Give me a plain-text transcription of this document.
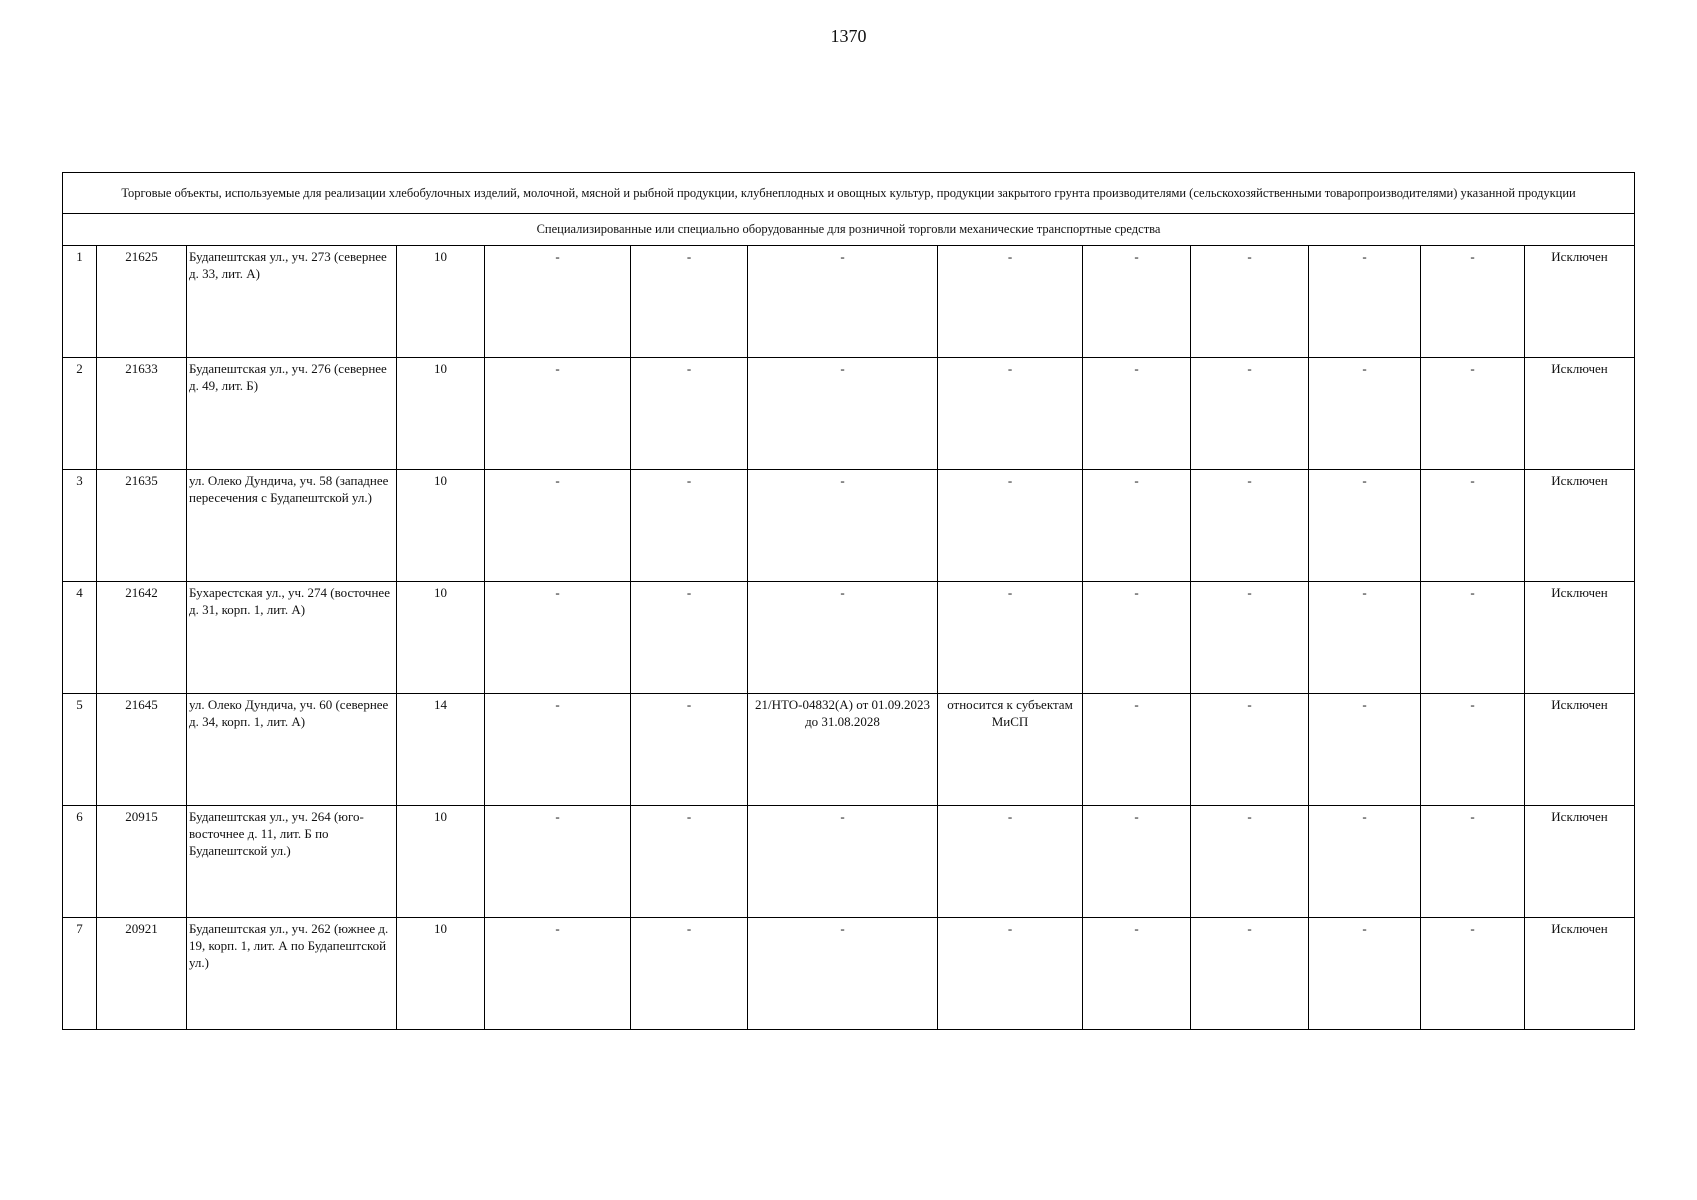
1370
Торговые объекты, используемые для реализации хлебобулочных изделий, молочной, мясной и рыбной продукции, клубнеплодных и овощных культур, продукции закрытого грунта производителями (сельскохозяйственными товаропроизводителями) указанной продукции												
Специализированные или специально оборудованные для розничной торговли механические транспортные средства												
1	21625	Будапештская ул., уч. 273 (севернее д. 33, лит. А)	10	-	-	-	-	-	-	-	-	Исключен
2	21633	Будапештская ул., уч. 276 (севернее д. 49, лит. Б)	10	-	-	-	-	-	-	-	-	Исключен
3	21635	ул. Олеко Дундича, уч. 58 (западнее пересечения с Будапештской ул.)	10	-	-	-	-	-	-	-	-	Исключен
4	21642	Бухарестская ул., уч. 274 (восточнее д. 31, корп. 1, лит. А)	10	-	-	-	-	-	-	-	-	Исключен
5	21645	ул. Олеко Дундича, уч. 60 (севернее д. 34, корп. 1, лит. А)	14	-	-	21/НТО-04832(А) от 01.09.2023 до 31.08.2028	относится к субъектам МиСП	-	-	-	-	Исключен
6	20915	Будапештская ул., уч. 264 (юго-восточнее д. 11, лит. Б по Будапештской ул.)	10	-	-	-	-	-	-	-	-	Исключен
7	20921	Будапештская ул., уч. 262 (южнее д. 19, корп. 1, лит. А по Будапештской ул.)	10	-	-	-	-	-	-	-	-	Исключен
